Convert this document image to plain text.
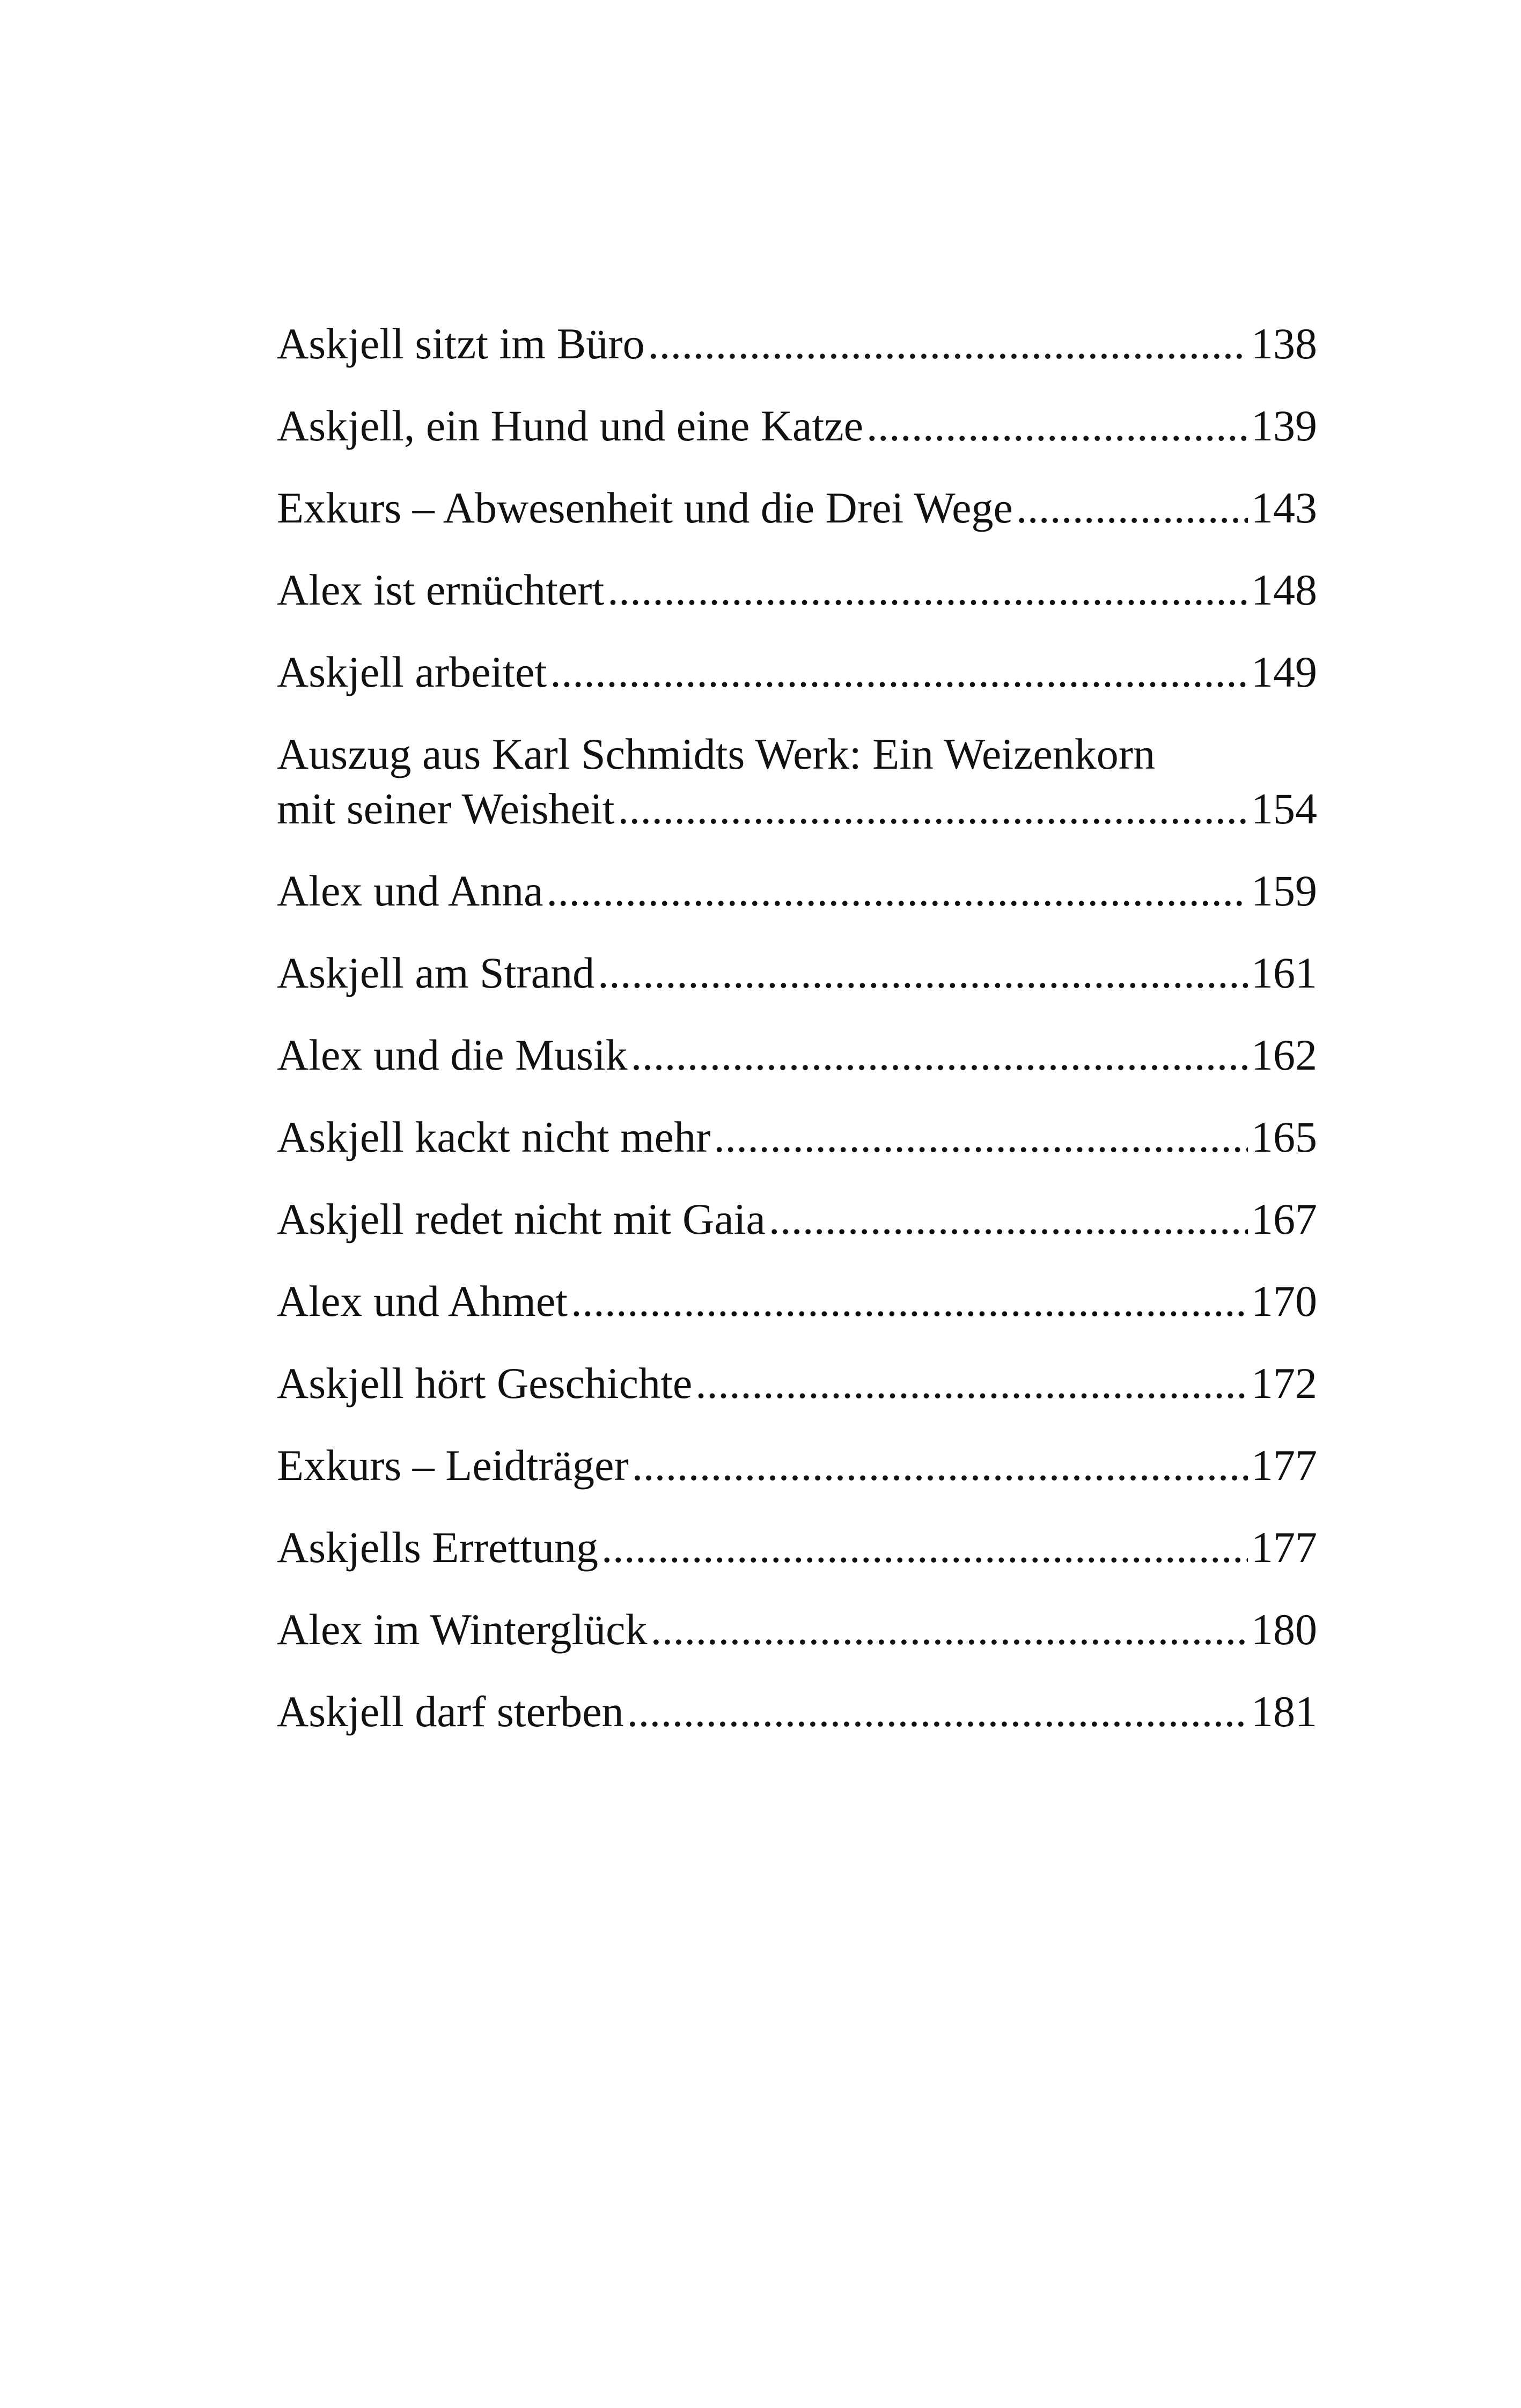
Askjell sitzt im Büro . . .	138
Askjell, ein Hund und eine Katze . . .	139
Exkurs – Abwesenheit und die Drei Wege . . .	143
Alex ist ernüchtert . . .	148
Askjell arbeitet . . .	149
Auszug aus Karl Schmidts Werk: Ein Weizenkorn
mit seiner Weisheit . . .	154
Alex und Anna . . .	159
Askjell am Strand . . .	161
Alex und die Musik . . .	162
Askjell kackt nicht mehr . . .	165
Askjell redet nicht mit Gaia . . .	167
Alex und Ahmet . . .	170
Askjell hört Geschichte . . .	172
Exkurs – Leidträger . . .	177
Askjells Errettung . . .	177
Alex im Winterglück . . .	180
Askjell darf sterben . . .	181
